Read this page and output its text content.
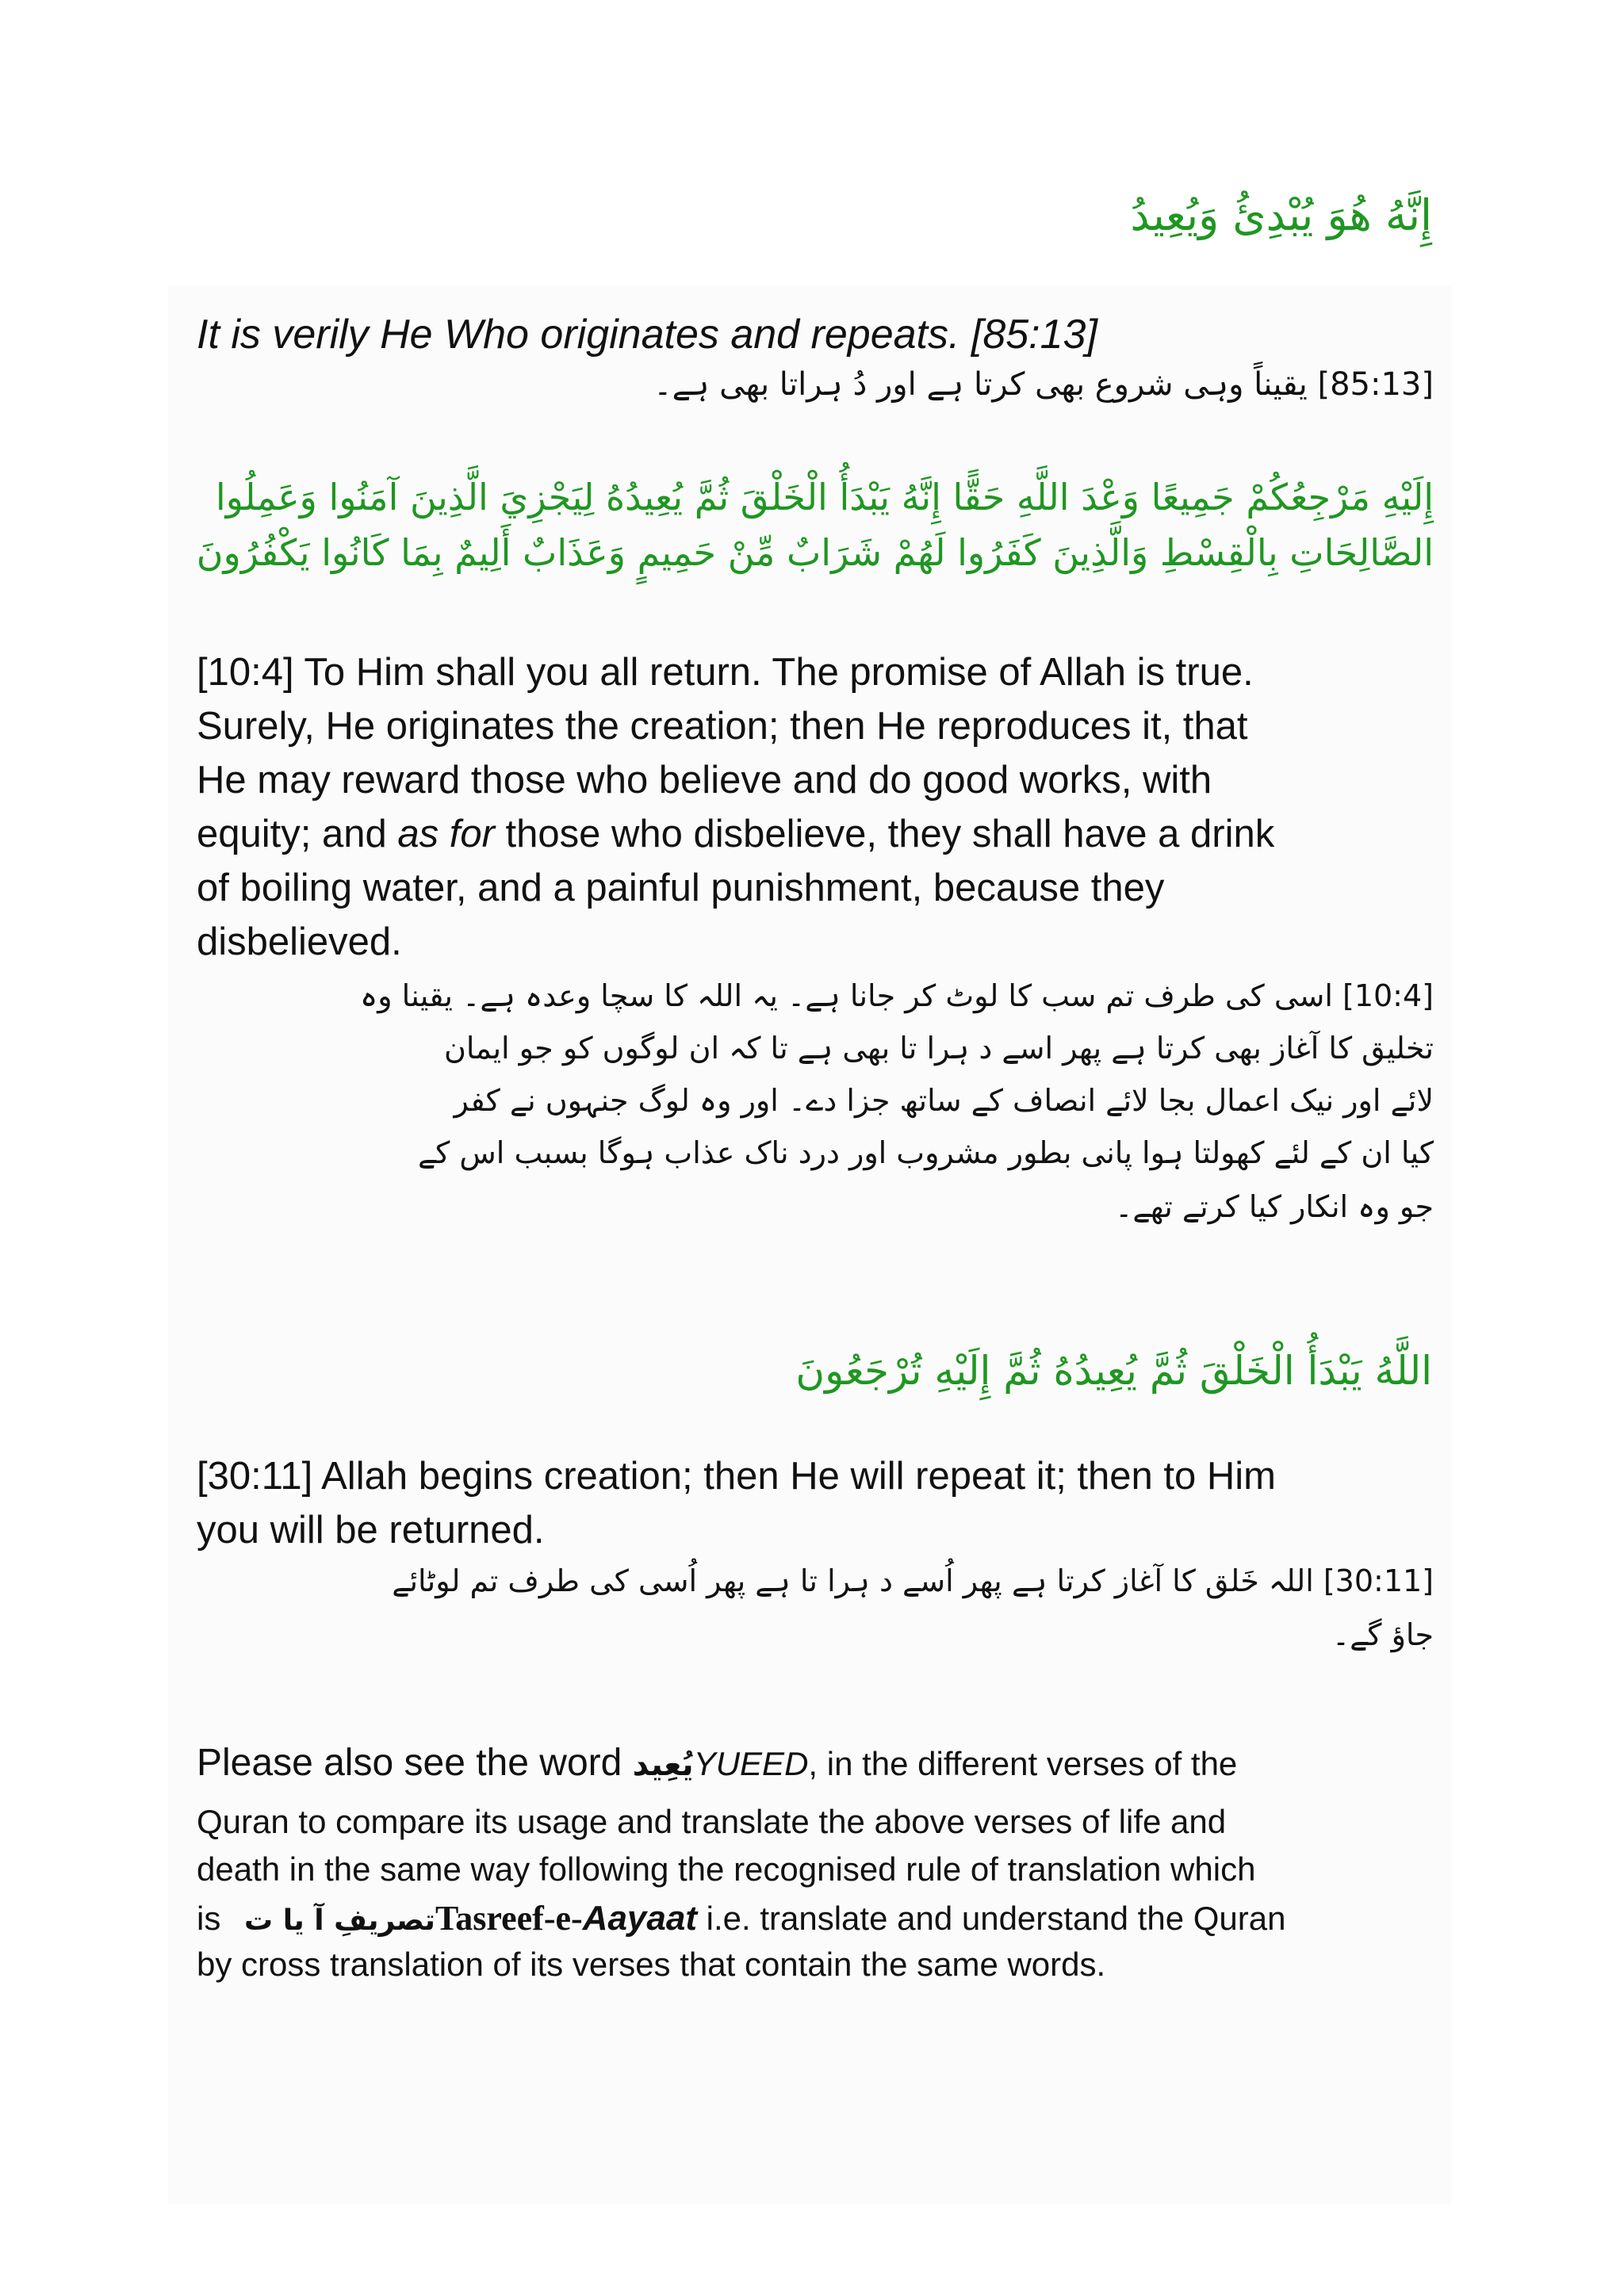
إِنَّهُ هُوَ يُبْدِئُ وَيُعِيدُ
It is verily He Who originates and repeats. [85:13]
[85:13] یقیناً وہی شروع بھی کرتا ہے اور دُ ہراتا بھی ہے۔
إِلَيْهِ مَرْجِعُكُمْ جَمِيعًا وَعْدَ اللَّهِ حَقًّا إِنَّهُ يَبْدَأُ الْخَلْقَ ثُمَّ يُعِيدُهُ لِيَجْزِيَ الَّذِينَ آمَنُوا وَعَمِلُوا
الصَّالِحَاتِ بِالْقِسْطِ وَالَّذِينَ كَفَرُوا لَهُمْ شَرَابٌ مِّنْ حَمِيمٍ وَعَذَابٌ أَلِيمٌ بِمَا كَانُوا يَكْفُرُونَ
[10:4] To Him shall you all return. The promise of Allah is true.
Surely, He originates the creation; then He reproduces it, that
He may reward those who believe and do good works, with
equity; and as for those who disbelieve, they shall have a drink
of boiling water, and a painful punishment, because they
disbelieved.
[10:4] اسی کی طرف تم سب کا لوٹ کر جانا ہے۔ یہ اللہ کا سچا وعدہ ہے۔ یقینا وہ
تخلیق کا آغاز بھی کرتا ہے پھر اسے د ہرا تا بھی ہے تا کہ ان لوگوں کو جو ایمان
لائے اور نیک اعمال بجا لائے انصاف کے ساتھ جزا دے۔ اور وہ لوگ جنہوں نے کفر
کیا ان کے لئے کھولتا ہوا پانی بطور مشروب اور درد ناک عذاب ہوگا بسبب اس کے
جو وہ انکار کیا کرتے تھے۔
اللَّهُ يَبْدَأُ الْخَلْقَ ثُمَّ يُعِيدُهُ ثُمَّ إِلَيْهِ تُرْجَعُونَ
[30:11] Allah begins creation; then He will repeat it; then to Him
you will be returned.
[30:11] اللہ خَلق کا آغاز کرتا ہے پھر اُسے د ہرا تا ہے پھر اُسی کی طرف تم لوٹائے
جاؤ گے۔
Please also see the word يُعِيدYUEED, in the different verses of the
Quran to compare its usage and translate the above verses of life and
death in the same way following the recognised rule of translation which
is تصریفِ آ یا تTasreef-e-Aayaat i.e. translate and understand the Quran
by cross translation of its verses that contain the same words.
